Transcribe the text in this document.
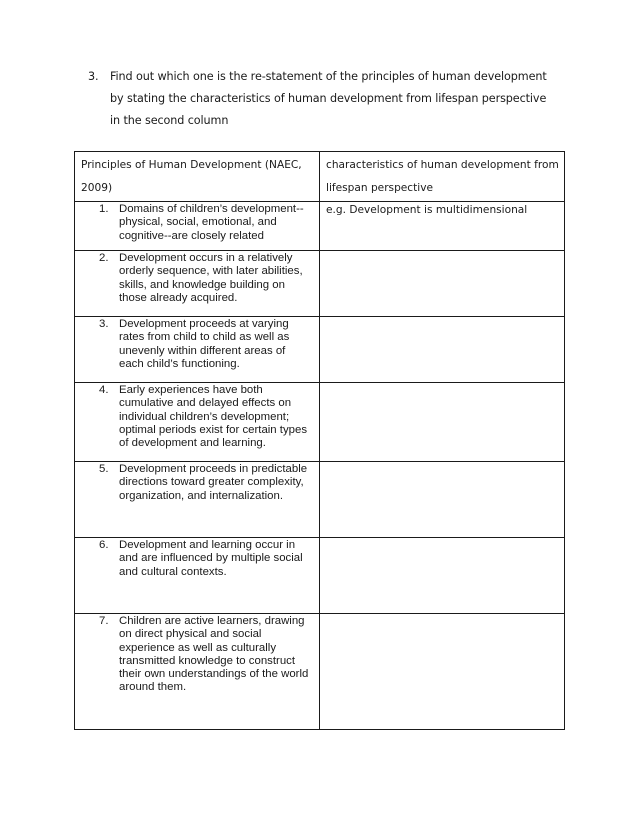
3.	Find out which one is the re-statement of the principles of human development by stating the characteristics of human development from lifespan perspective in the second column
Principles of Human Development (NAEC, 2009)	characteristics of human development from lifespan perspective

1. Domains of children’s development--physical, social, emotional, and cognitive--are closely related	e.g. Development is multidimensional

2. Development occurs in a relatively orderly sequence, with later abilities, skills, and knowledge building on those already acquired.	

3. Development proceeds at varying rates from child to child as well as unevenly within different areas of each child’s functioning.	

4. Early experiences have both cumulative and delayed effects on individual children’s development; optimal periods exist for certain types of development and learning.	

5. Development proceeds in predictable directions toward greater complexity, organization, and internalization.	

6. Development and learning occur in and are influenced by multiple social and cultural contexts.	

7. Children are active learners, drawing on direct physical and social experience as well as culturally transmitted knowledge to construct their own understandings of the world around them.	
